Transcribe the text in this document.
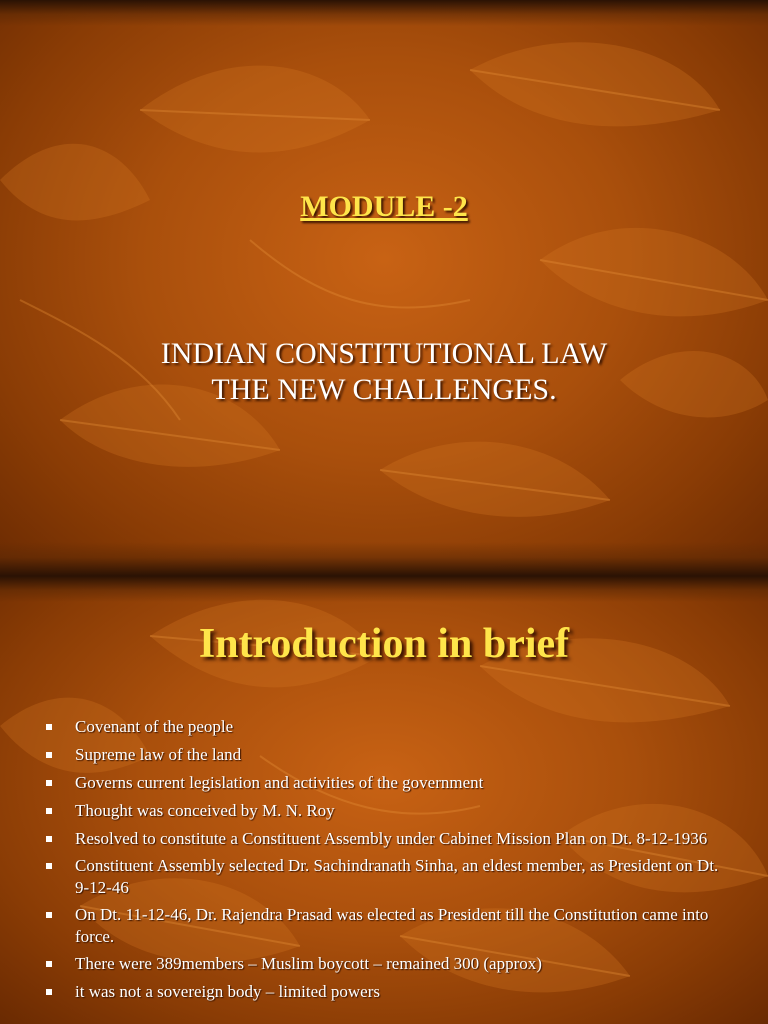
MODULE -2
INDIAN CONSTITUTIONAL LAW
THE NEW CHALLENGES.
Introduction in brief
Covenant of the people
Supreme law of the land
Governs current legislation and activities of the government
Thought was conceived by M. N. Roy
Resolved to constitute a Constituent Assembly under Cabinet Mission Plan on Dt. 8-12-1936
Constituent Assembly selected Dr. Sachindranath Sinha, an eldest member, as President on Dt. 9-12-46
On Dt. 11-12-46, Dr. Rajendra Prasad was elected as President till the Constitution came into force.
There were 389members – Muslim boycott – remained 300 (approx)
it was not a sovereign body – limited powers
